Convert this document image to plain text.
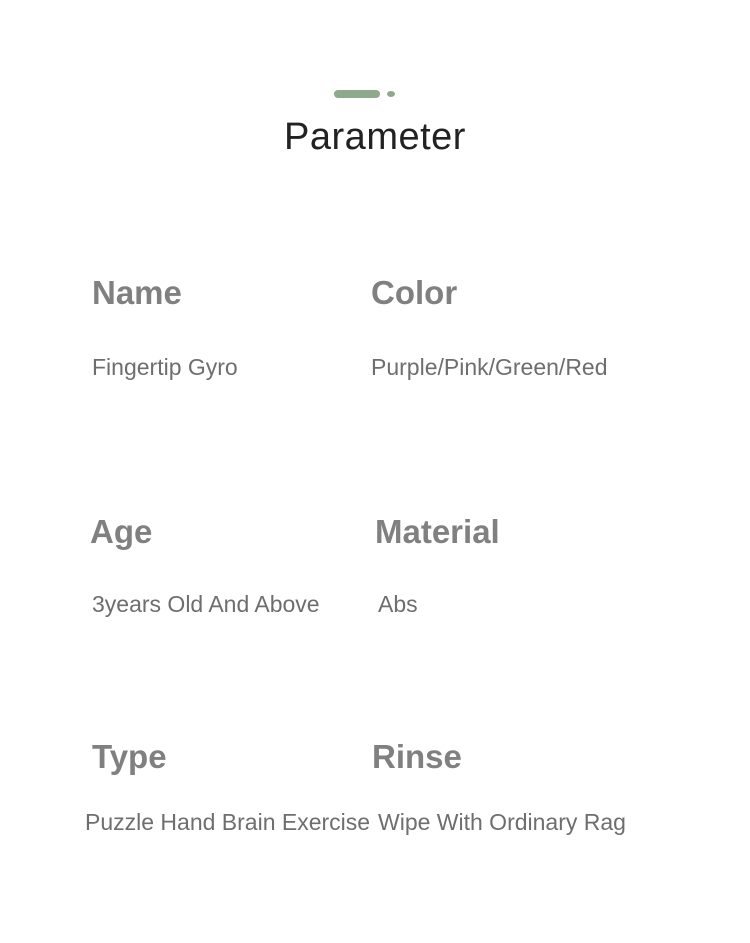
Parameter
Name
Fingertip Gyro
Color
Purple/Pink/Green/Red
Age
3years Old And Above
Material
Abs
Type
Puzzle Hand Brain Exercise
Rinse
Wipe With Ordinary Rag
